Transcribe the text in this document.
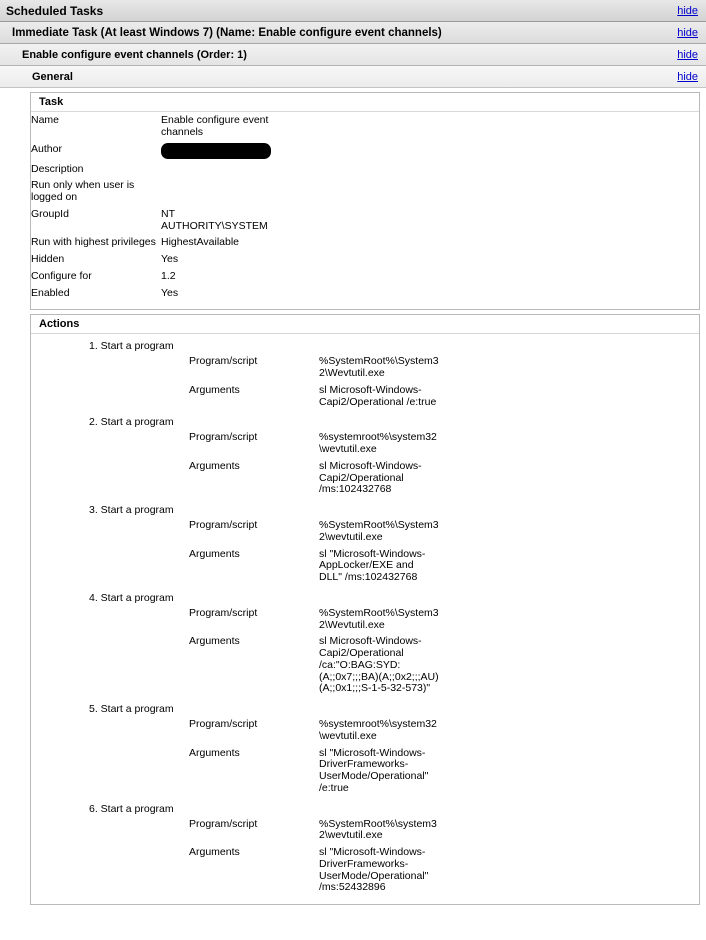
Scheduled Tasks	hide
Immediate Task (At least Windows 7) (Name: Enable configure event channels)	hide
Enable configure event channels (Order: 1)	hide
General	hide
Task
Name	Enable configure event channels	

Author		
Description	

Run only when user is logged on	

GroupId	NT AUTHORITY\SYSTEM	

Run with highest privileges	HighestAvailable	

Hidden	Yes	

Configure for	1.2	

Enabled	Yes	

Actions
1. Start a program
Program/script	%SystemRoot%\System32\Wevtutil.exe	

Arguments	sl Microsoft-Windows-Capi2/Operational /e:true	

2. Start a program
Program/script	%systemroot%\system32\wevtutil.exe	

Arguments	sl Microsoft-Windows-Capi2/Operational /ms:102432768	

3. Start a program
Program/script	%SystemRoot%\System32\wevtutil.exe	

Arguments	sl "Microsoft-Windows-AppLocker/EXE and DLL" /ms:102432768	

4. Start a program
Program/script	%SystemRoot%\System32\Wevtutil.exe	

Arguments	sl Microsoft-Windows-Capi2/Operational /ca:"O:BAG:SYD:(A;;0x7;;;BA)(A;;0x2;;;AU)(A;;0x1;;;S-1-5-32-573)"	

5. Start a program
Program/script	%systemroot%\system32\wevtutil.exe	

Arguments	sl "Microsoft-Windows-DriverFrameworks-UserMode/Operational" /e:true	

6. Start a program
Program/script	%SystemRoot%\system32\wevtutil.exe	

Arguments	sl "Microsoft-Windows-DriverFrameworks-UserMode/Operational" /ms:52432896	
